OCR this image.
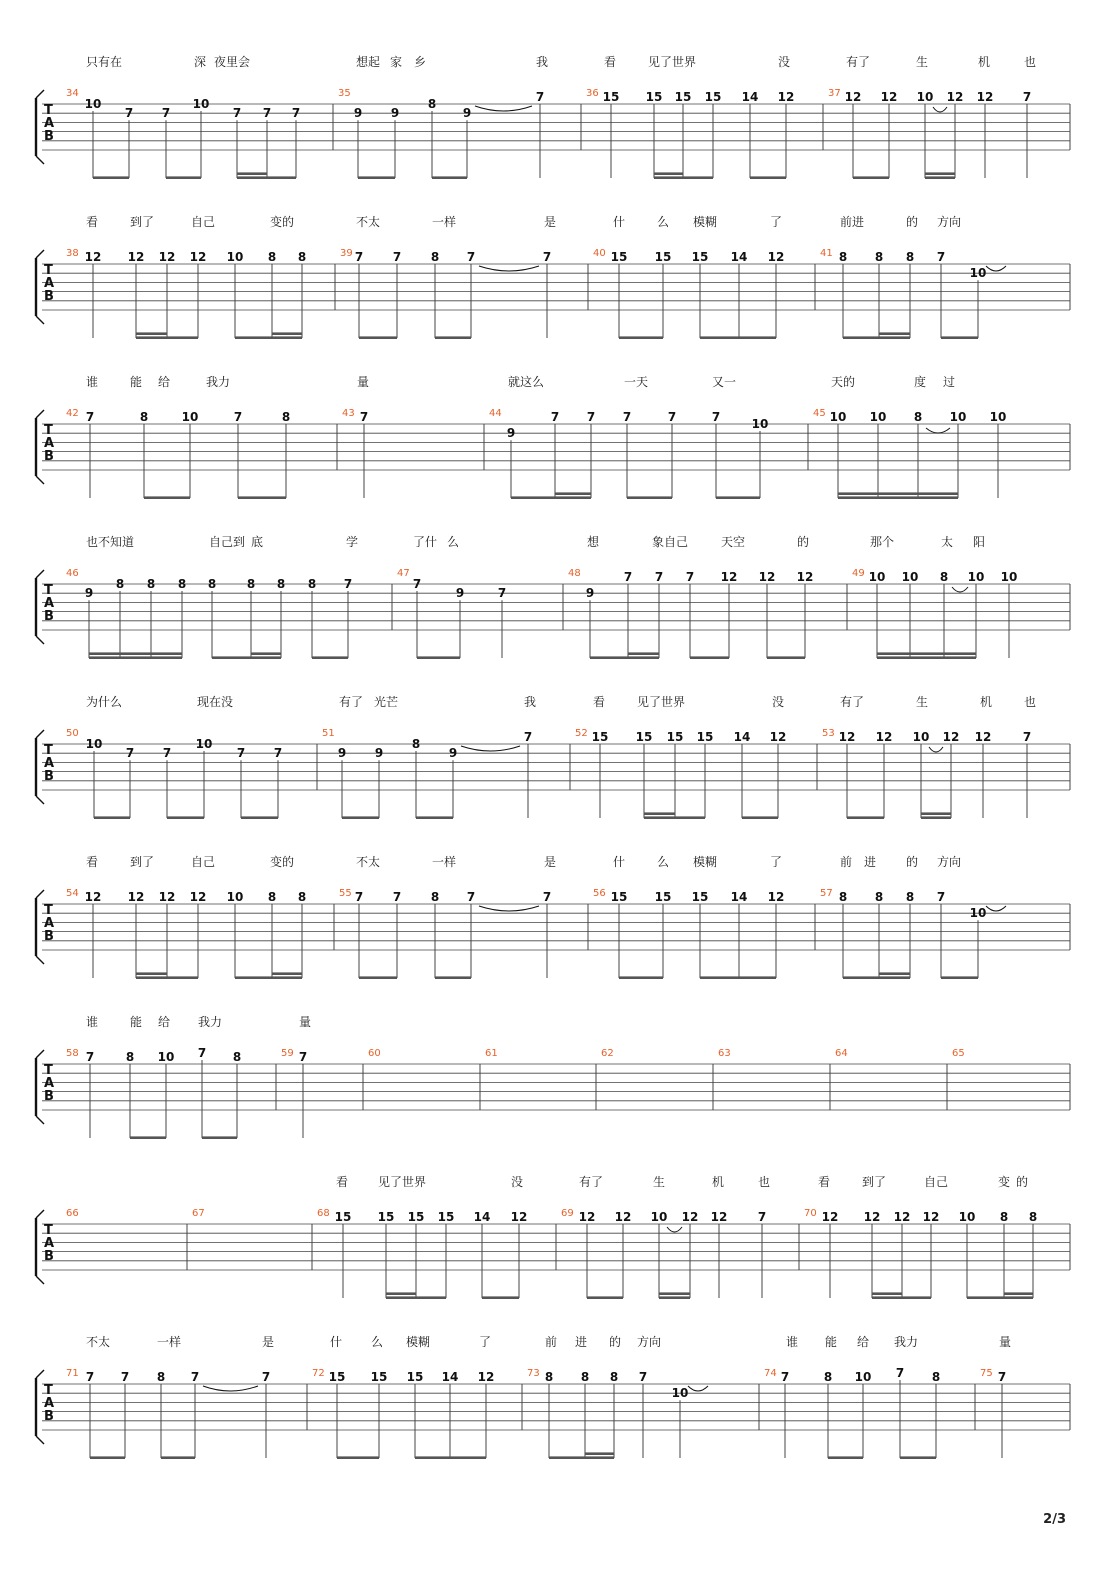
只有在	深 夜里会	想起 家 乡	我	看	见了世界	没	有了	生	机	也
T
A
B
34
10
7 7
10
7 7 7
35
9 9
8
9
7	36 15 15 15 15 14 12	37 12 12 10 12 12 7
看	到了	自己	变的	不太	一样	是	什	么 模糊	了	前进	的 方向
T
A
B
38 12 12 12 12 10 8 8	39 7 7 8 7	7	40 15 15 15 14 12	41 8 8 8 7
10
谁	能 给	我力	量	就这么	一天	又一	天的	度 过
T
A
B
42 7	8	10	7	8	43 7	44
9
7 7 7	7	7	10
45 10 10 8 10 10
也不知道	自己到 底	学	了什 么	想	象自己	天空	的	那个	太 阳
T
A
B
46
9
8 8 8 8	8 8 8 7
47
7
9	7
48
9
7 7 7 12 12 12	49 10 10 8 10 10
为什么	现在没	有了 光芒	我	看	见了世界	没	有了	生	机	也
T
A
B
50
10
7 7
10
7 7
51
9 9
8
9
7	52 15 15 15 15 14 12	53 12 12 10 12 12	7
看	到了	自己	变的	不太	一样	是	什	么 模糊	了	前 进 的 方向
T
A
B
54 12 12 12 12 10 8 8	55 7 7 8 7	7	56 15 15 15 14 12	57 8 8 8 7
10
谁	能 给 我力	量
T
A
B
58 7	8 10 7 8	59 7	60	61	62	63	64	65
看 见了世界	没	有了	生	机	也	看	到了	自己	变 的
T
A
B
66	67	68 15 15 15 15 14 12	69 12 12 10 12 12	7	70 12 12 12 12 10 8 8
不太	一样	是	什 么 模糊	了	前 进 的 方向	谁 能 给 我力	量
T
A
B
71 7 7 8 7	7	72 15 15 15 14 12	73 8 8 8 7
10
74 7	8 10 7 8	75 7
2/3
